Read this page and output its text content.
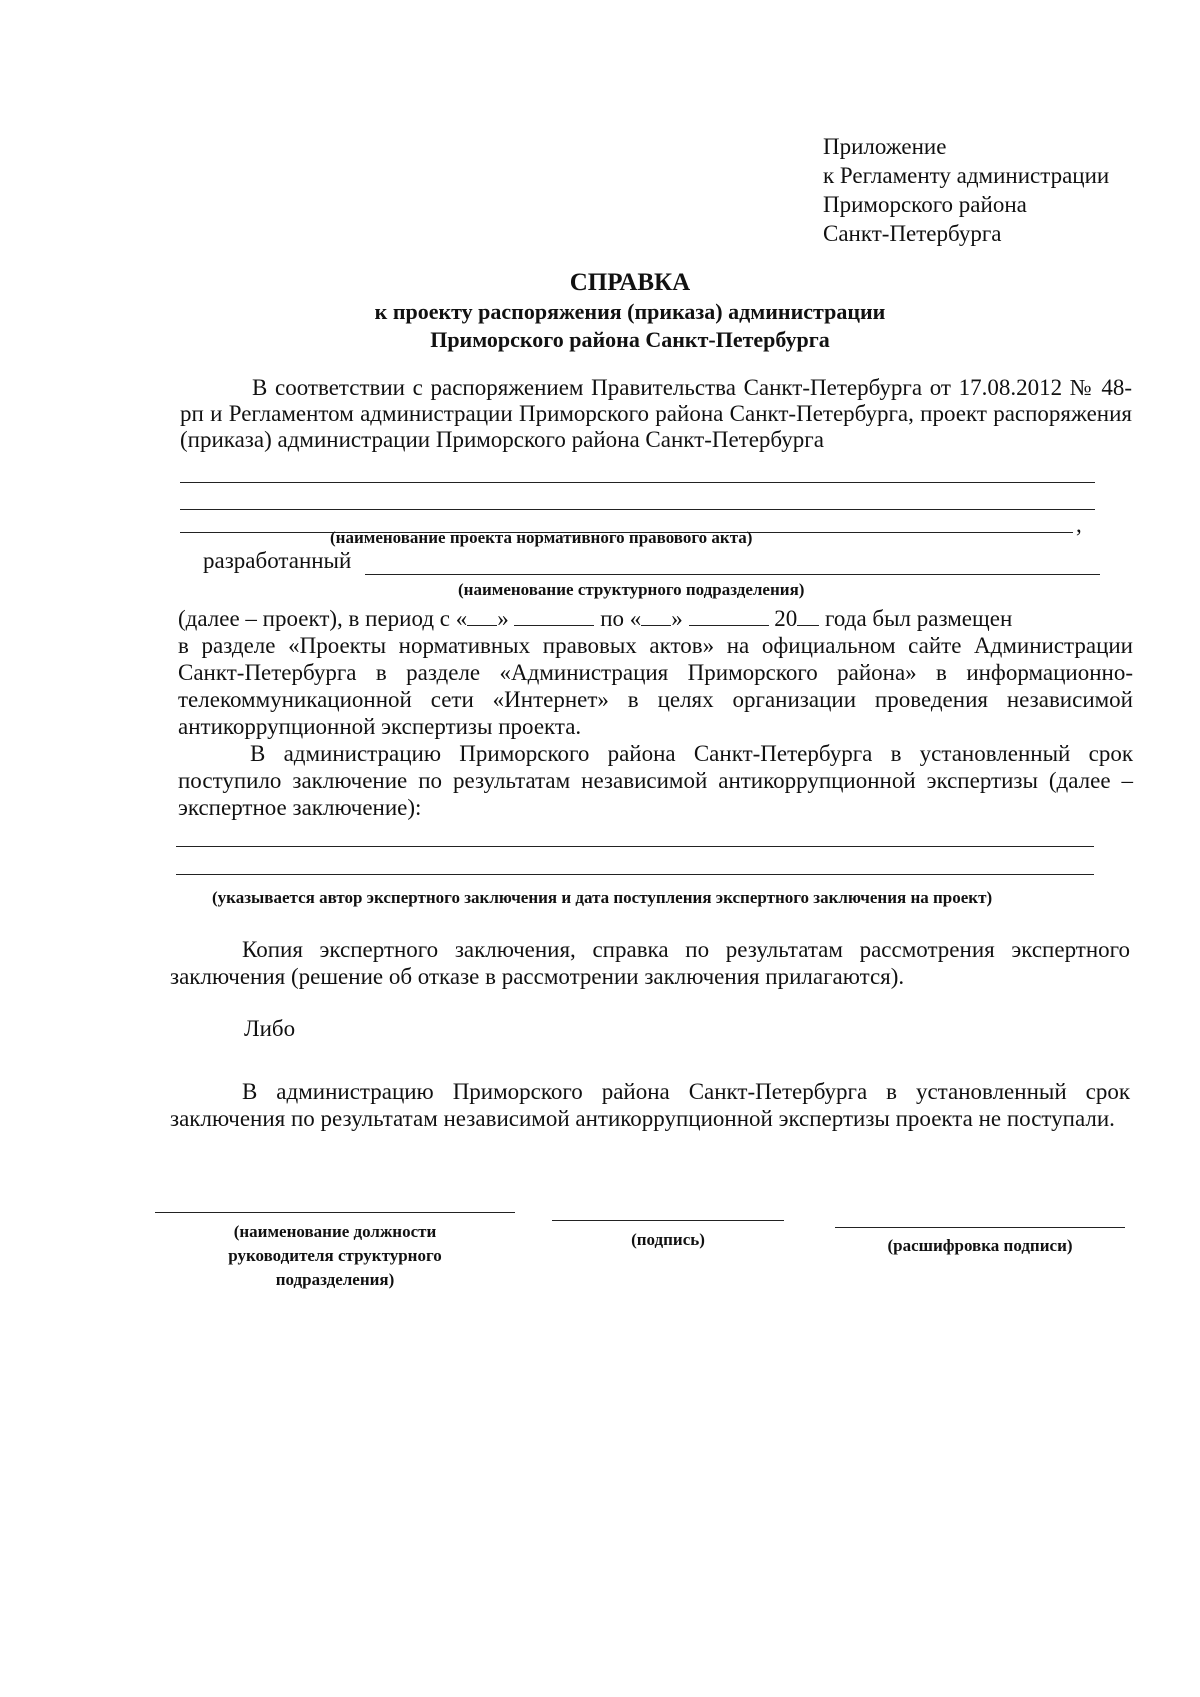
Приложение
к Регламенту администрации
Приморского района
Санкт-Петербурга
СПРАВКА
к проекту распоряжения (приказа) администрации
Приморского района Санкт-Петербурга
В соответствии с распоряжением Правительства Санкт-Петербурга от 17.08.2012 № 48-рп и Регламентом администрации Приморского района Санкт-Петербурга, проект распоряжения (приказа) администрации Приморского района Санкт-Петербурга
,
(наименование проекта нормативного правового акта)
разработанный
(наименование структурного подразделения)
(далее – проект), в период с « »	по « »	20 года был размещен
в разделе «Проекты нормативных правовых актов» на официальном сайте Администрации Санкт-Петербурга в разделе «Администрация Приморского района» в информационно-телекоммуникационной сети «Интернет» в целях организации проведения независимой антикоррупционной экспертизы проекта.
В администрацию Приморского района Санкт-Петербурга в установленный срок поступило заключение по результатам независимой антикоррупционной экспертизы (далее – экспертное заключение):
(указывается автор экспертного заключения и дата поступления экспертного заключения на проект)
Копия экспертного заключения, справка по результатам рассмотрения экспертного заключения (решение об отказе в рассмотрении заключения прилагаются).
Либо
В администрацию Приморского района Санкт-Петербурга в установленный срок заключения по результатам независимой антикоррупционной экспертизы проекта не поступали.
(наименование должности
руководителя структурного
подразделения)
(подпись)	(расшифровка подписи)
